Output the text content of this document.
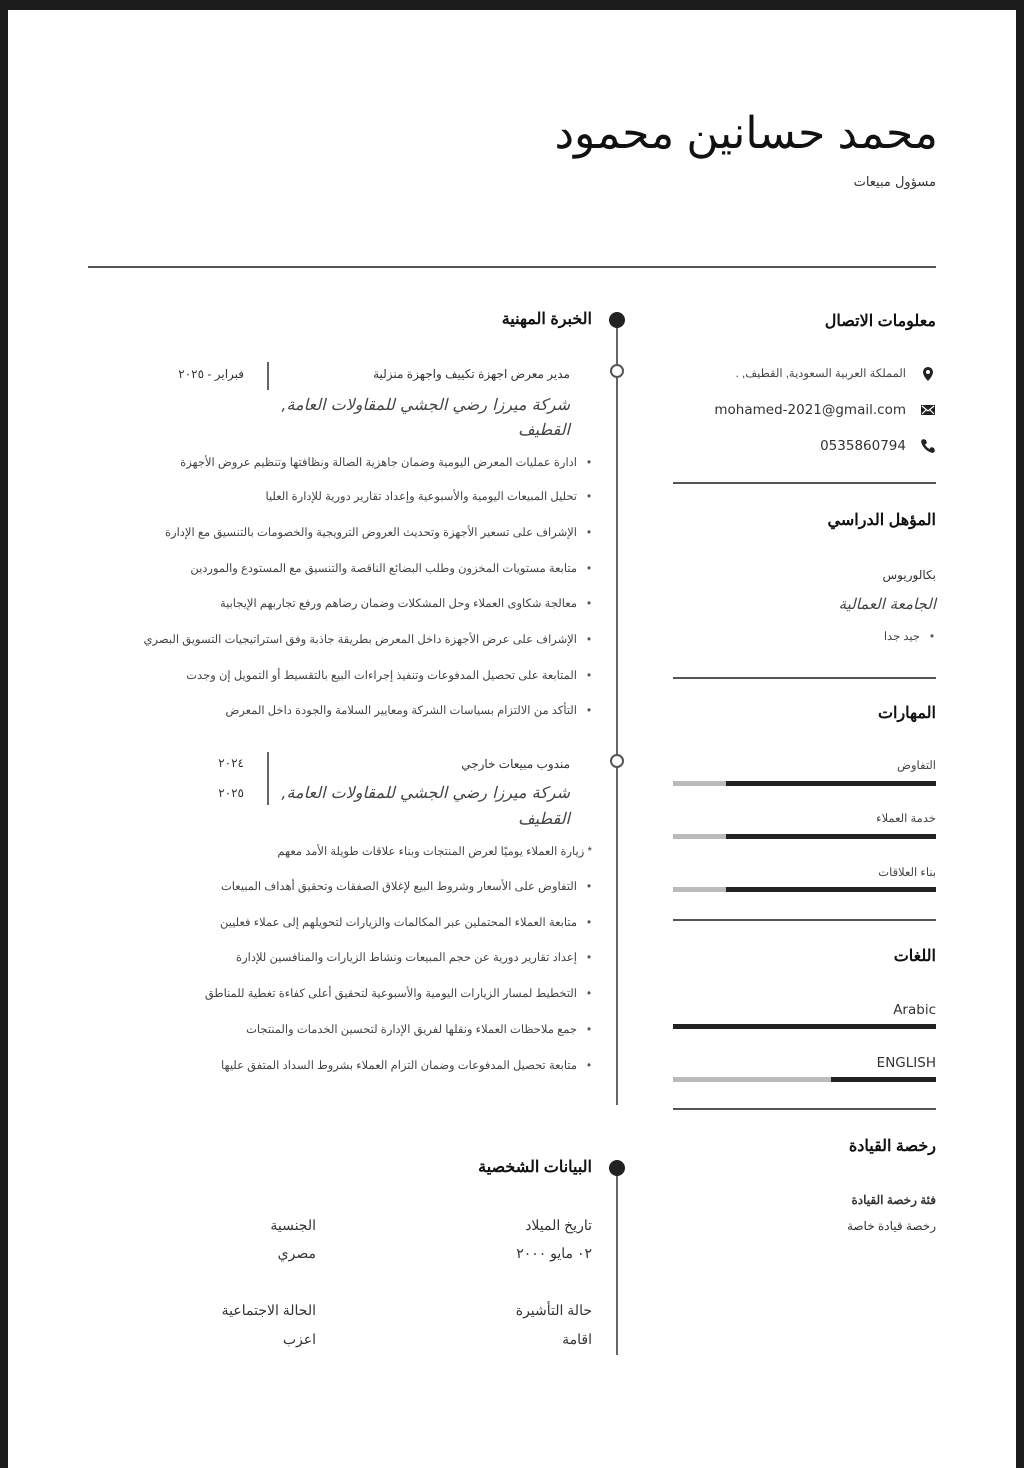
محمد حسانين محمود
مسؤول مبيعات
الخبرة المهنية
مدير معرض اجهزة تكييف واجهزة منزلية
فبراير - ٢٠٢٥
شركة ميرزا رضي الجشي للمقاولات العامة,
القطيف
ادارة عمليات المعرض اليومية وضمان جاهزية الصالة ونظافتها وتنظيم عروض الأجهزة •
تحليل المبيعات اليومية والأسبوعية وإعداد تقارير دورية للإدارة العليا •
الإشراف على تسعير الأجهزة وتحديث العروض الترويجية والخصومات بالتنسيق مع الإدارة •
متابعة مستويات المخزون وطلب البضائع الناقصة والتنسيق مع المستودع والموردين •
معالجة شكاوى العملاء وحل المشكلات وضمان رضاهم ورفع تجاربهم الإيجابية •
الإشراف على عرض الأجهزة داخل المعرض بطريقة جاذبة وفق استراتيجيات التسويق البصري •
المتابعة على تحصيل المدفوعات وتنفيذ إجراءات البيع بالتقسيط أو التمويل إن وجدت •
التأكد من الالتزام بسياسات الشركة ومعايير السلامة والجودة داخل المعرض •
مندوب مبيعات خارجي
٢٠٢٤
٢٠٢٥ شركة ميرزا رضي الجشي للمقاولات العامة,
القطيف
* زيارة العملاء يوميًا لعرض المنتجات وبناء علاقات طويلة الأمد معهم
التفاوض على الأسعار وشروط البيع لإغلاق الصفقات وتحقيق أهداف المبيعات •
متابعة العملاء المحتملين عبر المكالمات والزيارات لتحويلهم إلى عملاء فعليين •
إعداد تقارير دورية عن حجم المبيعات ونشاط الزيارات والمنافسين للإدارة •
التخطيط لمسار الزيارات اليومية والأسبوعية لتحقيق أعلى كفاءة تغطية للمناطق •
جمع ملاحظات العملاء ونقلها لفريق الإدارة لتحسين الخدمات والمنتجات •
متابعة تحصيل المدفوعات وضمان التزام العملاء بشروط السداد المتفق عليها •
البيانات الشخصية
تاريخ الميلاد
٠٢ مايو ٢٠٠٠
الجنسية
مصري
حالة التأشيرة
اقامة
الحالة الاجتماعية
اعزب
معلومات الاتصال
المملكة العربية السعودية, القطيف, .
mohamed-2021@gmail.com
0535860794
المؤهل الدراسي
بكالوريوس
الجامعة العمالية
جيد جدا •
المهارات
التفاوض
خدمة العملاء
بناء العلاقات
اللغات
Arabic
ENGLISH
رخصة القيادة
فئة رخصة القيادة
رخصة قيادة خاصة
